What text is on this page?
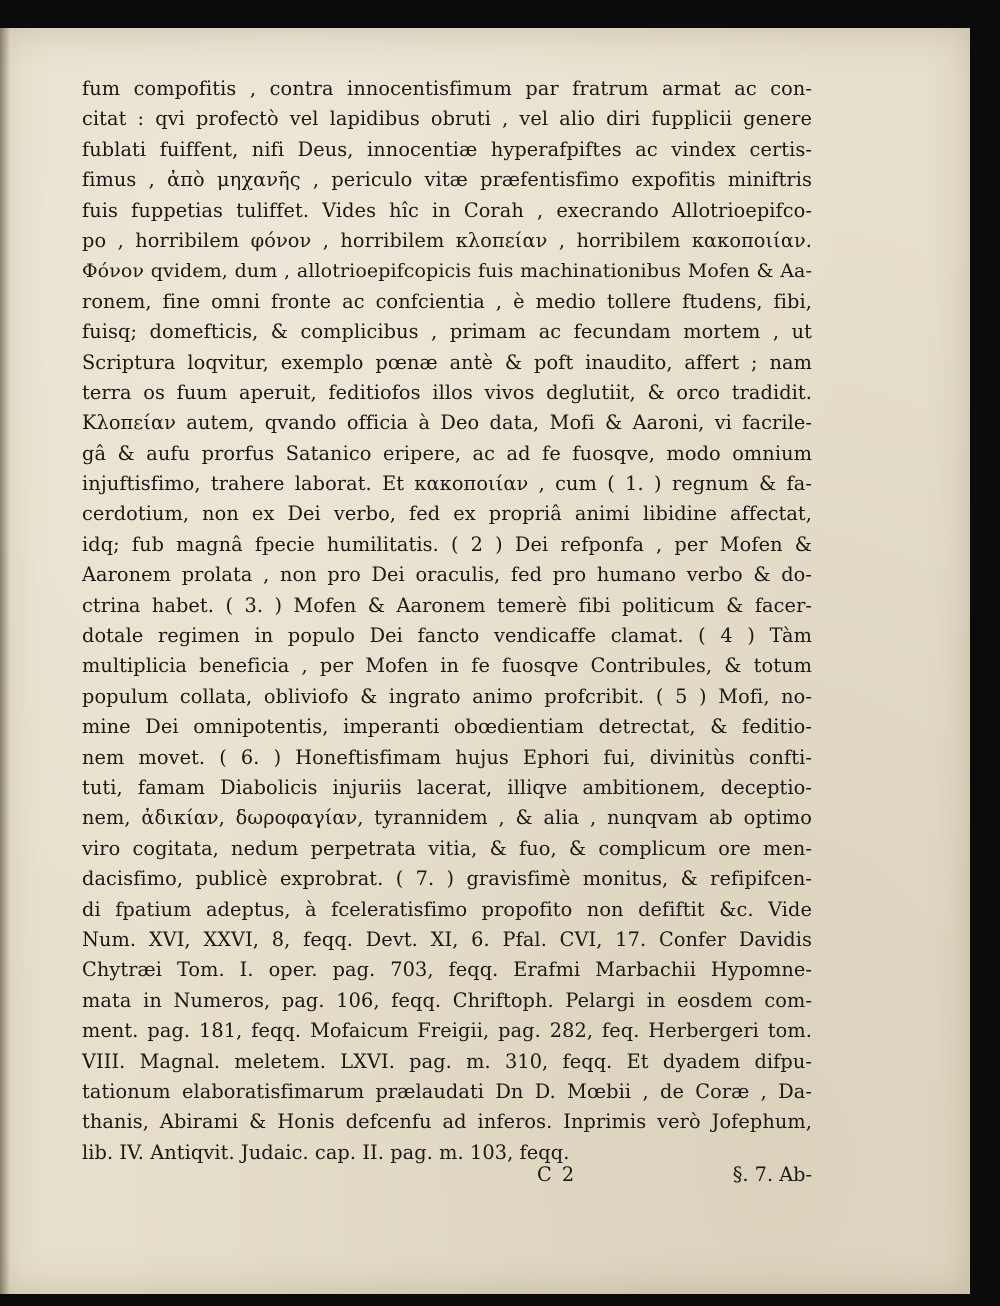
fum compofitis , contra innocentisfimum par fratrum armat ac con-
citat : qvi profectò vel lapidibus obruti , vel alio diri fupplicii genere
fublati fuiffent, nifi Deus, innocentiæ hyperafpiftes ac vindex certis-
fimus , ἀπὸ μηχανῆς , periculo vitæ præfentisfimo expofitis miniftris
fuis fuppetias tuliffet. Vides hîc in Corah , execrando Allotrioepifco-
po , horribilem φόνον , horribilem κλοπείαν , horribilem κακοποιίαν.
Φόνον qvidem, dum , allotrioepifcopicis fuis machinationibus Mofen & Aa-
ronem, fine omni fronte ac confcientia , è medio tollere ftudens, fibi,
fuisq; domefticis, & complicibus , primam ac fecundam mortem , ut
Scriptura loqvitur, exemplo pœnæ antè & poft inaudito, affert ; nam
terra os fuum aperuit, feditiofos illos vivos deglutiit, & orco tradidit.
Κλοπείαν autem, qvando officia à Deo data, Mofi & Aaroni, vi facrile-
gâ & aufu prorfus Satanico eripere, ac ad fe fuosqve, modo omnium
injuftisfimo, trahere laborat. Et κακοποιίαν , cum ( 1. ) regnum & fa-
cerdotium, non ex Dei verbo, fed ex propriâ animi libidine affectat,
idq; fub magnâ fpecie humilitatis. ( 2 ) Dei refponfa , per Mofen &
Aaronem prolata , non pro Dei oraculis, fed pro humano verbo & do-
ctrina habet. ( 3. ) Mofen & Aaronem temerè fibi politicum & facer-
dotale regimen in populo Dei fancto vendicaffe clamat. ( 4 ) Tàm
multiplicia beneficia , per Mofen in fe fuosqve Contribules, & totum
populum collata, obliviofo & ingrato animo profcribit. ( 5 ) Mofi, no-
mine Dei omnipotentis, imperanti obœdientiam detrectat, & feditio-
nem movet. ( 6. ) Honeftisfimam hujus Ephori fui, divinitùs confti-
tuti, famam Diabolicis injuriis lacerat, illiqve ambitionem, deceptio-
nem, ἀδικίαν, δωροφαγίαν, tyrannidem , & alia , nunqvam ab optimo
viro cogitata, nedum perpetrata vitia, & fuo, & complicum ore men-
dacisfimo, publicè exprobrat. ( 7. ) gravisfimè monitus, & refipifcen-
di fpatium adeptus, à fceleratisfimo propofito non defiftit &c. Vide
Num. XVI, XXVI, 8, feqq. Devt. XI, 6. Pfal. CVI, 17. Confer Davidis
Chytræi Tom. I. oper. pag. 703, feqq. Erafmi Marbachii Hypomne-
mata in Numeros, pag. 106, feqq. Chriftoph. Pelargi in eosdem com-
ment. pag. 181, feqq. Mofaicum Freigii, pag. 282, feq. Herbergeri tom.
VIII. Magnal. meletem. LXVI. pag. m. 310, feqq. Et dyadem difpu-
tationum elaboratisfimarum prælaudati Dn D. Mœbii , de Coræ , Da-
thanis, Abirami & Honis defcenfu ad inferos. Inprimis verò Jofephum,
lib. IV. Antiqvit. Judaic. cap. II. pag. m. 103, feqq.
C 2	§. 7. Ab-
